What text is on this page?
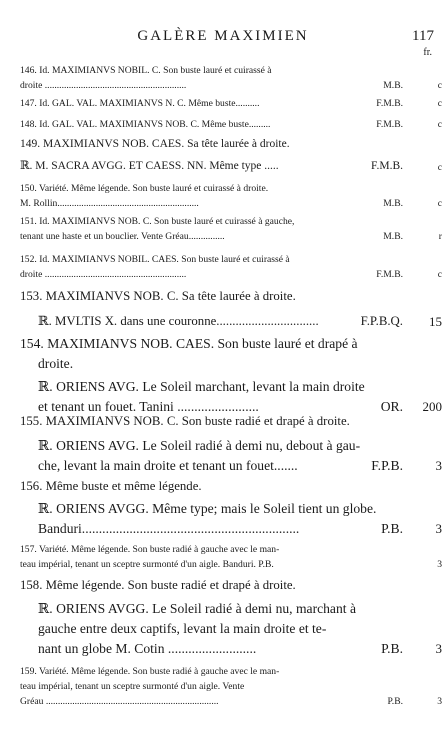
GALÈRE MAXIMIEN	117
fr.
146. Id. MAXIMIANVS NOBIL. C. Son buste lauré et cuirassé à
droite ...........................................................	M.B.	c
147. Id. GAL. VAL. MAXIMIANVS N. C. Même buste..........	F.M.B.	c
148. Id. GAL. VAL. MAXIMIANVS NOB. C. Même buste.........	F.M.B.	c
149. MAXIMIANVS NOB. CAES. Sa tête laurée à droite.
ℝ. M. SACRA AVGG. ET CAESS. NN. Même type .....	F.M.B.	c
150. Variété. Même légende. Son buste lauré et cuirassé à droite.
M. Rollin...........................................................	M.B.	c
151. Id. MAXIMIANVS NOB. C. Son buste lauré et cuirassé à gauche,
tenant une haste et un bouclier. Vente Gréau...............	M.B.	r
152. Id. MAXIMIANVS NOBIL. CAES. Son buste lauré et cuirassé à
droite ...........................................................	F.M.B.	c
153. MAXIMIANVS NOB. C. Sa tête laurée à droite.
ℝ. MVLTIS X. dans une couronne................................	F.P.B.Q.	15
154. MAXIMIANVS NOB. CAES. Son buste lauré et drapé à
droite.
ℝ. ORIENS AVG. Le Soleil marchant, levant la main droite
et tenant un fouet. Tanini ........................	OR.	200
155. MAXIMIANVS NOB. C. Son buste radié et drapé à droite.
ℝ. ORIENS AVG. Le Soleil radié à demi nu, debout à gau-
che, levant la main droite et tenant un fouet.......	F.P.B.	3
156. Même buste et même légende.
ℝ. ORIENS AVGG. Même type; mais le Soleil tient un globe.
Banduri................................................................	P.B.	3
157. Variété. Même légende. Son buste radié à gauche avec le man-
teau impérial, tenant un sceptre surmonté d'un aigle. Banduri. P.B.	3
158. Même légende. Son buste radié et drapé à droite.
ℝ. ORIENS AVGG. Le Soleil radié à demi nu, marchant à
gauche entre deux captifs, levant la main droite et te-
nant un globe M. Cotin ..........................	P.B.	3
159. Variété. Même légende. Son buste radié à gauche avec le man-
teau impérial, tenant un sceptre surmonté d'un aigle. Vente
Gréau ........................................................................	P.B.	3
